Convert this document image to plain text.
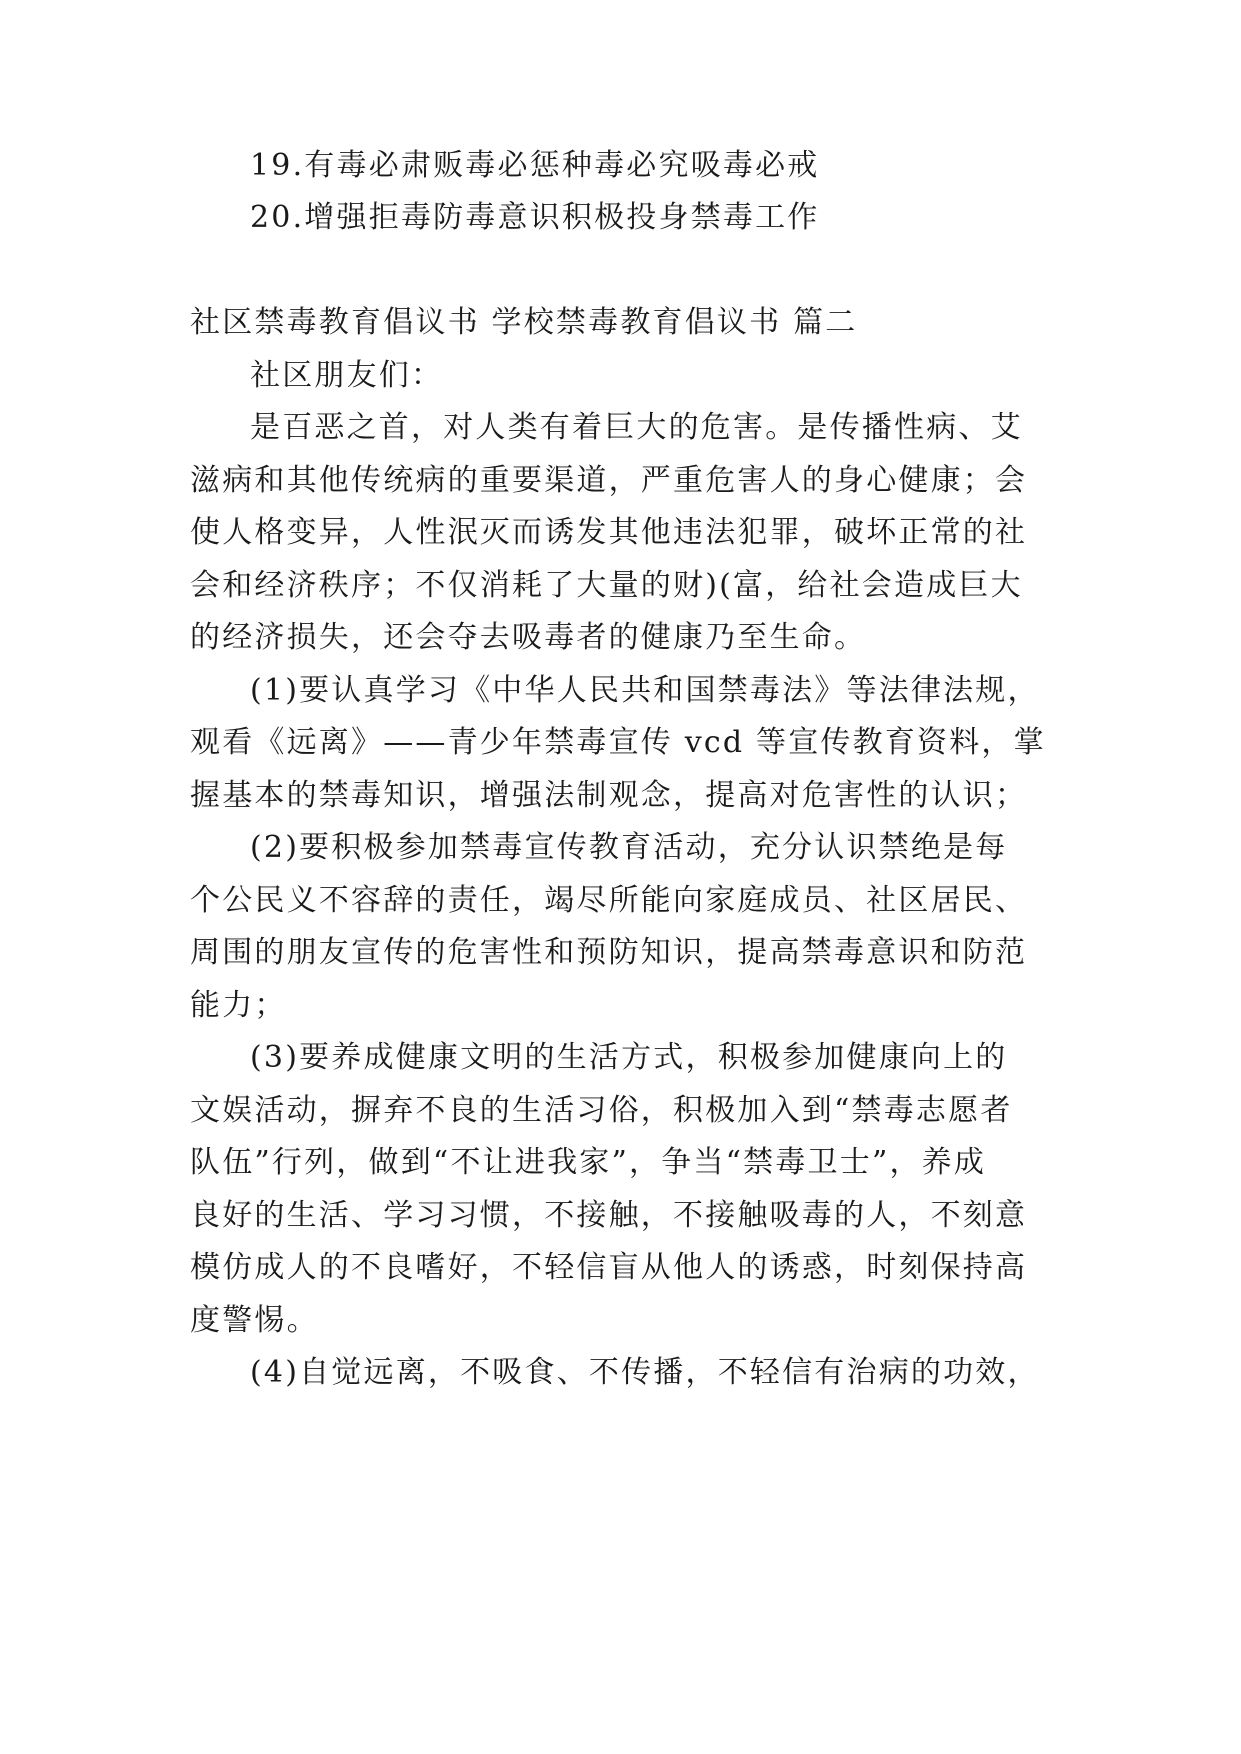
19.有毒必肃贩毒必惩种毒必究吸毒必戒
20.增强拒毒防毒意识积极投身禁毒工作
社区禁毒教育倡议书 学校禁毒教育倡议书 篇二
社区朋友们：
是百恶之首，对人类有着巨大的危害。是传播性病、艾
滋病和其他传统病的重要渠道，严重危害人的身心健康；会
使人格变异，人性泯灭而诱发其他违法犯罪，破坏正常的社
会和经济秩序；不仅消耗了大量的财)(富，给社会造成巨大
的经济损失，还会夺去吸毒者的健康乃至生命。
(1)要认真学习《中华人民共和国禁毒法》等法律法规，
观看《远离》——青少年禁毒宣传 vcd 等宣传教育资料，掌
握基本的禁毒知识，增强法制观念，提高对危害性的认识；
(2)要积极参加禁毒宣传教育活动，充分认识禁绝是每
个公民义不容辞的责任，竭尽所能向家庭成员、社区居民、
周围的朋友宣传的危害性和预防知识，提高禁毒意识和防范
能力；
(3)要养成健康文明的生活方式，积极参加健康向上的
文娱活动，摒弃不良的生活习俗，积极加入到“禁毒志愿者
队伍”行列，做到“不让进我家”，争当“禁毒卫士”，养成
良好的生活、学习习惯，不接触，不接触吸毒的人，不刻意
模仿成人的不良嗜好，不轻信盲从他人的诱惑，时刻保持高
度警惕。
(4)自觉远离，不吸食、不传播，不轻信有治病的功效，
